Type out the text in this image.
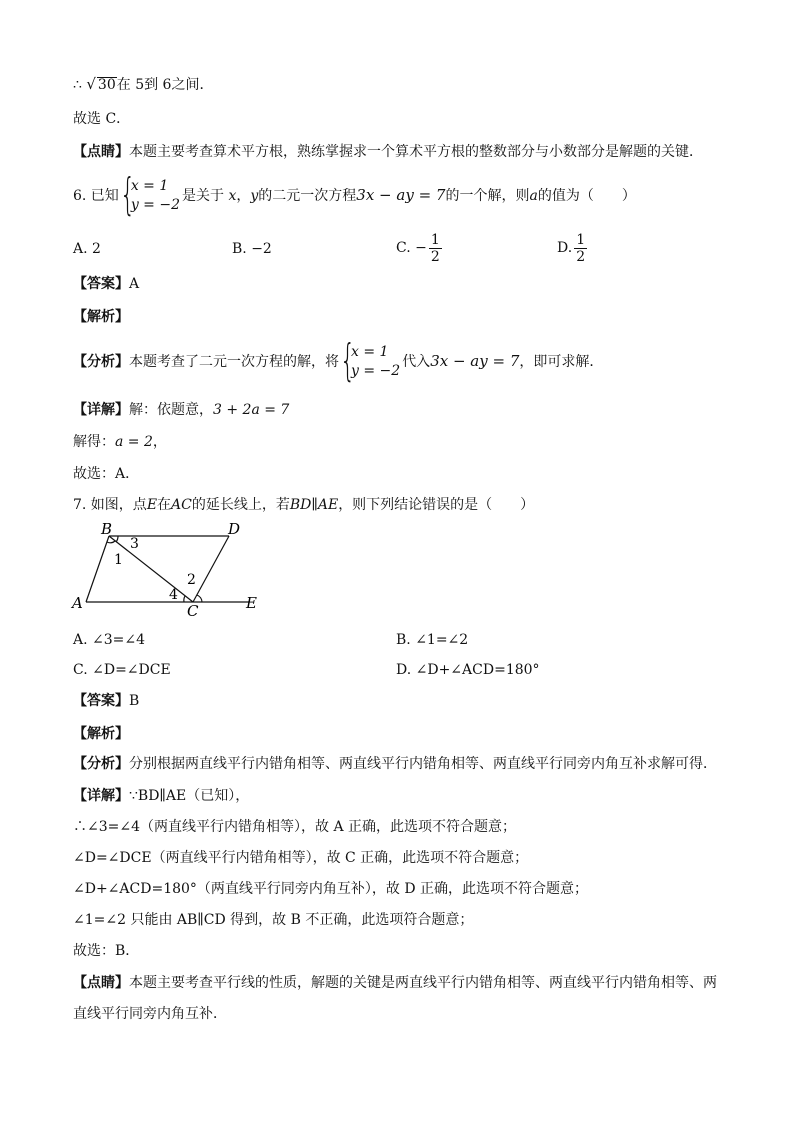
∴ √ 30在 5到 6之间．
故选 C．
【点睛】本题主要考查算术平方根，熟练掌握求一个算术平方根的整数部分与小数部分是解题的关键．
6. 已知 {
x = 1
y = −2
是关于 x，y的二元一次方程3x − ay = 7的一个解，则a的值为（　　）
A. 2	B. −2	C. − $\frac{1}{2}$	D. $\frac{1}{2}$
【答案】A
【解析】
【分析】本题考查了二元一次方程的解，将 {
x = 1
y = −2
代入3x − ay = 7，即可求解．
【详解】解：依题意，3 + 2a = 7
解得：a = 2，
故选：A．
7. 如图，点E在AC的延长线上，若BD∥AE，则下列结论错误的是（　　）
B	D
A	C	E
1
2
3
4
A. ∠3=∠4	B. ∠1=∠2
C. ∠D=∠DCE	D. ∠D+∠ACD=180°
【答案】B
【解析】
【分析】分别根据两直线平行内错角相等、两直线平行内错角相等、两直线平行同旁内角互补求解可得．
【详解】∵BD∥AE（已知），
∴∠3=∠4（两直线平行内错角相等），故 A 正确，此选项不符合题意；
∠D=∠DCE（两直线平行内错角相等），故 C 正确，此选项不符合题意；
∠D+∠ACD=180°（两直线平行同旁内角互补），故 D 正确，此选项不符合题意；
∠1=∠2 只能由 AB∥CD 得到，故 B 不正确，此选项符合题意；
故选：B．
【点睛】本题主要考查平行线的性质，解题的关键是两直线平行内错角相等、两直线平行内错角相等、两
直线平行同旁内角互补．
